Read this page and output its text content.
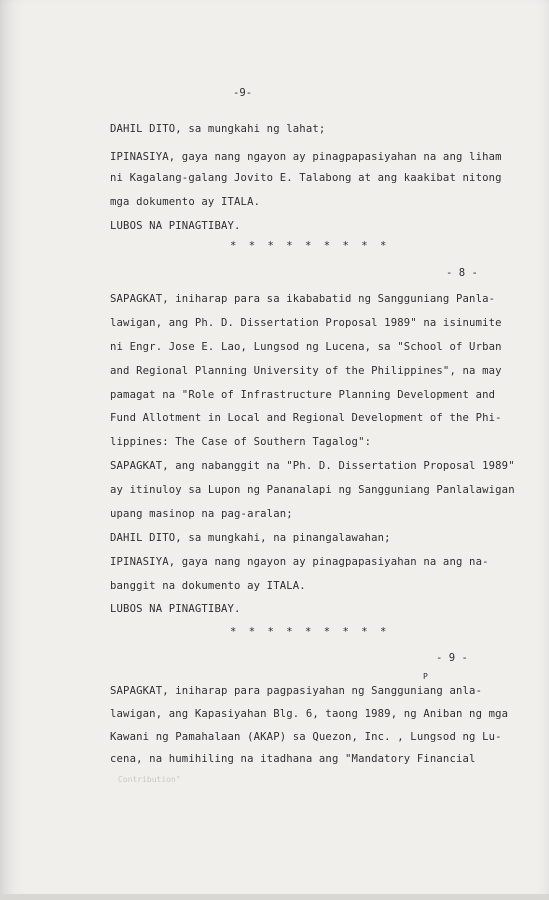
-9-
DAHIL DITO, sa mungkahi ng lahat;
IPINASIYA, gaya nang ngayon ay pinagpapasiyahan na ang liham
ni Kagalang-galang Jovito E. Talabong at ang kaakibat nitong
mga dokumento ay ITALA.
LUBOS NA PINAGTIBAY.
* * * * * * * * *
- 8 -
SAPAGKAT, iniharap para sa ikababatid ng Sangguniang Panla-
lawigan, ang Ph. D. Dissertation Proposal 1989" na isinumite
ni Engr. Jose E. Lao, Lungsod ng Lucena, sa "School of Urban
and Regional Planning University of the Philippines", na may
pamagat na "Role of Infrastructure Planning Development and
Fund Allotment in Local and Regional Development of the Phi-
lippines: The Case of Southern Tagalog":
SAPAGKAT, ang nabanggit na "Ph. D. Dissertation Proposal 1989"
ay itinuloy sa Lupon ng Pananalapi ng Sangguniang Panlalawigan
upang masinop na pag-aralan;
DAHIL DITO, sa mungkahi, na pinangalawahan;
IPINASIYA, gaya nang ngayon ay pinagpapasiyahan na ang na-
banggit na dokumento ay ITALA.
LUBOS NA PINAGTIBAY.
* * * * * * * * *
- 9 -
P
SAPAGKAT, iniharap para pagpasiyahan ng Sangguniang anla-
lawigan, ang Kapasiyahan Blg. 6, taong 1989, ng Aniban ng mga
Kawani ng Pamahalaan (AKAP) sa Quezon, Inc. , Lungsod ng Lu-
cena, na humihiling na itadhana ang "Mandatory Financial
Contribution"
